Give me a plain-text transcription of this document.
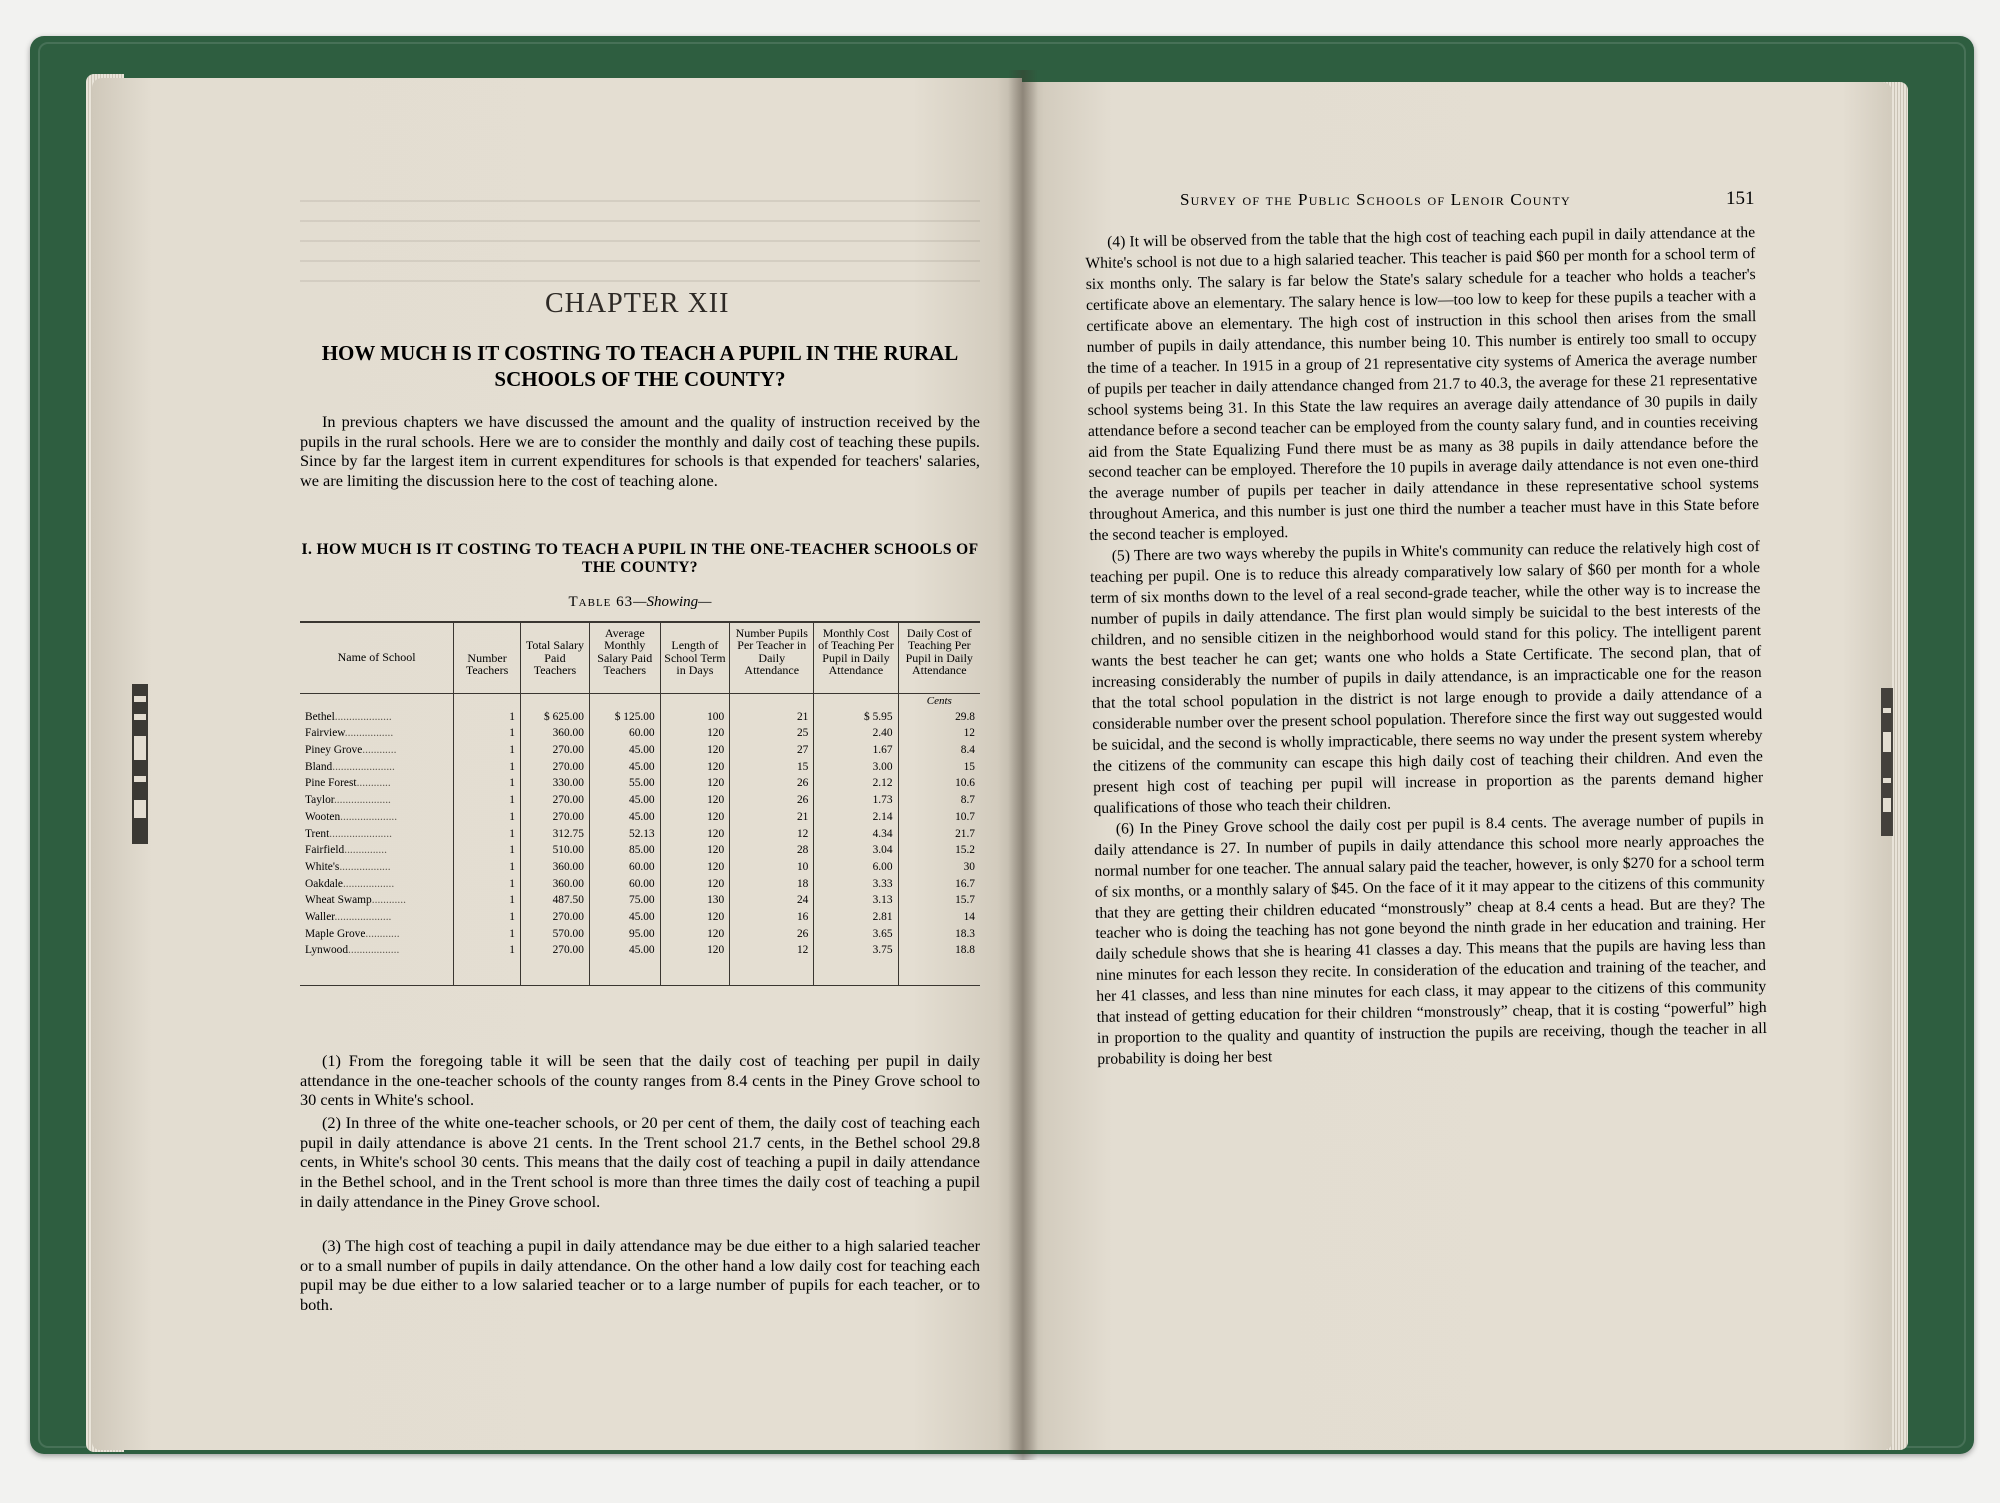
CHAPTER XII
HOW MUCH IS IT COSTING TO TEACH A PUPIL IN THE RURAL SCHOOLS OF THE COUNTY?
In previous chapters we have discussed the amount and the quality of instruction received by the pupils in the rural schools. Here we are to consider the monthly and daily cost of teaching these pupils. Since by far the largest item in current expenditures for schools is that expended for teachers' salaries, we are limiting the discussion here to the cost of teaching alone.
I. HOW MUCH IS IT COSTING TO TEACH A PUPIL IN THE ONE-TEACHER SCHOOLS OF THE COUNTY?
Table 63—Showing—
Name of School	Number Teachers	Total Salary Paid Teachers	Average Monthly Salary Paid Teachers	Length of School Term in Days	Number Pupils Per Teacher in Daily Attendance	Monthly Cost of Teaching Per Pupil in Daily Attendance	Daily Cost of Teaching Per Pupil in Daily Attendance
							Cents
Bethel....................	1	$ 625.00	$ 125.00	100	21	$ 5.95	29.8
Fairview.................	1	360.00	60.00	120	25	2.40	12
Piney Grove............	1	270.00	45.00	120	27	1.67	8.4
Bland......................	1	270.00	45.00	120	15	3.00	15
Pine Forest............	1	330.00	55.00	120	26	2.12	10.6
Taylor....................	1	270.00	45.00	120	26	1.73	8.7
Wooten....................	1	270.00	45.00	120	21	2.14	10.7
Trent......................	1	312.75	52.13	120	12	4.34	21.7
Fairfield...............	1	510.00	85.00	120	28	3.04	15.2
White's..................	1	360.00	60.00	120	10	6.00	30
Oakdale..................	1	360.00	60.00	120	18	3.33	16.7
Wheat Swamp............	1	487.50	75.00	130	24	3.13	15.7
Waller....................	1	270.00	45.00	120	16	2.81	14
Maple Grove............	1	570.00	95.00	120	26	3.65	18.3
Lynwood..................	1	270.00	45.00	120	12	3.75	18.8
(1) From the foregoing table it will be seen that the daily cost of teaching per pupil in daily attendance in the one-teacher schools of the county ranges from 8.4 cents in the Piney Grove school to 30 cents in White's school.
(2) In three of the white one-teacher schools, or 20 per cent of them, the daily cost of teaching each pupil in daily attendance is above 21 cents. In the Trent school 21.7 cents, in the Bethel school 29.8 cents, in White's school 30 cents. This means that the daily cost of teaching a pupil in daily attendance in the Bethel school, and in the Trent school is more than three times the daily cost of teaching a pupil in daily attendance in the Piney Grove school.
(3) The high cost of teaching a pupil in daily attendance may be due either to a high salaried teacher or to a small number of pupils in daily attendance. On the other hand a low daily cost for teaching each pupil may be due either to a low salaried teacher or to a large number of pupils for each teacher, or to both.
Survey of the Public Schools of Lenoir County	151

(4) It will be observed from the table that the high cost of teaching each pupil in daily attendance at the White's school is not due to a high salaried teacher. This teacher is paid $60 per month for a school term of six months only. The salary is far below the State's salary schedule for a teacher who holds a teacher's certificate above an elementary. The salary hence is low—too low to keep for these pupils a teacher with a certificate above an elementary. The high cost of instruction in this school then arises from the small number of pupils in daily attendance, this number being 10. This number is entirely too small to occupy the time of a teacher. In 1915 in a group of 21 representative city systems of America the average number of pupils per teacher in daily attendance changed from 21.7 to 40.3, the average for these 21 representative school systems being 31. In this State the law requires an average daily attendance of 30 pupils in daily attendance before a second teacher can be employed from the county salary fund, and in counties receiving aid from the State Equalizing Fund there must be as many as 38 pupils in daily attendance before the second teacher can be employed. Therefore the 10 pupils in average daily attendance is not even one-third the average number of pupils per teacher in daily attendance in these representative school systems throughout America, and this number is just one third the number a teacher must have in this State before the second teacher is employed.

(5) There are two ways whereby the pupils in White's community can reduce the relatively high cost of teaching per pupil. One is to reduce this already comparatively low salary of $60 per month for a whole term of six months down to the level of a real second-grade teacher, while the other way is to increase the number of pupils in daily attendance. The first plan would simply be suicidal to the best interests of the children, and no sensible citizen in the neighborhood would stand for this policy. The intelligent parent wants the best teacher he can get; wants one who holds a State Certificate. The second plan, that of increasing considerably the number of pupils in daily attendance, is an impracticable one for the reason that the total school population in the district is not large enough to provide a daily attendance of a considerable number over the present school population. Therefore since the first way out suggested would be suicidal, and the second is wholly impracticable, there seems no way under the present system whereby the citizens of the community can escape this high daily cost of teaching their children. And even the present high cost of teaching per pupil will increase in proportion as the parents demand higher qualifications of those who teach their children.

(6) In the Piney Grove school the daily cost per pupil is 8.4 cents. The average number of pupils in daily attendance is 27. In number of pupils in daily attendance this school more nearly approaches the normal number for one teacher. The annual salary paid the teacher, however, is only $270 for a school term of six months, or a monthly salary of $45. On the face of it it may appear to the citizens of this community that they are getting their children educated “monstrously” cheap at 8.4 cents a head. But are they? The teacher who is doing the teaching has not gone beyond the ninth grade in her education and training. Her daily schedule shows that she is hearing 41 classes a day. This means that the pupils are having less than nine minutes for each lesson they recite. In consideration of the education and training of the teacher, and her 41 classes, and less than nine minutes for each class, it may appear to the citizens of this community that instead of getting education for their children “monstrously” cheap, that it is costing “powerful” high in proportion to the quality and quantity of instruction the pupils are receiving, though the teacher in all probability is doing her best
